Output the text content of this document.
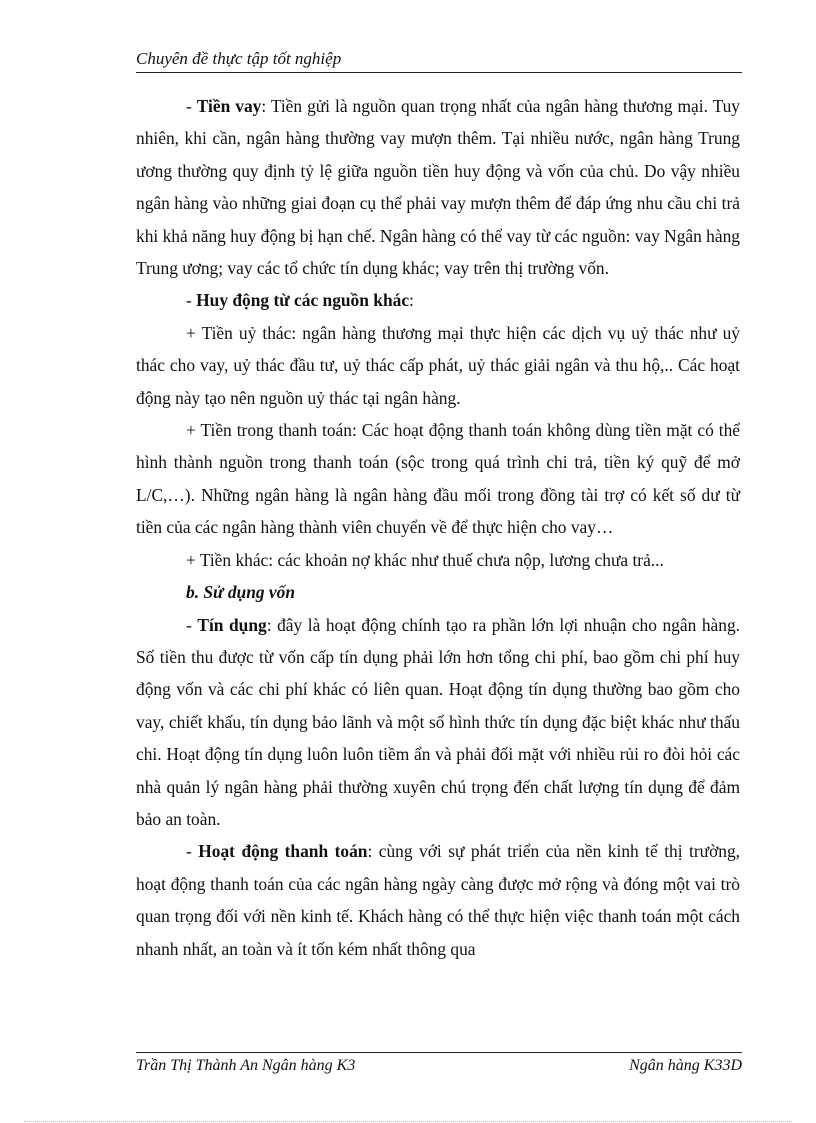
Chuyên đề thực tập tốt nghiệp

- Tiền vay: Tiền gửi là nguồn quan trọng nhất của ngân hàng thương mại. Tuy nhiên, khi cần, ngân hàng thường vay mượn thêm. Tại nhiều nước, ngân hàng Trung ương thường quy định tỷ lệ giữa nguồn tiền huy động và vốn của chủ. Do vậy nhiều ngân hàng vào những giai đoạn cụ thể phải vay mượn thêm để đáp ứng nhu cầu chi trả khi khả năng huy động bị hạn chế. Ngân hàng có thể vay từ các nguồn: vay Ngân hàng Trung ương; vay các tổ chức tín dụng khác; vay trên thị trường vốn.

- Huy động từ các nguồn khác:

+ Tiền uỷ thác: ngân hàng thương mại thực hiện các dịch vụ uỷ thác như uỷ thác cho vay, uỷ thác đầu tư, uỷ thác cấp phát, uỷ thác giải ngân và thu hộ,.. Các hoạt động này tạo nên nguồn uỷ thác tại ngân hàng.

+ Tiền trong thanh toán: Các hoạt động thanh toán không dùng tiền mặt có thể hình thành nguồn trong thanh toán (sộc trong quá trình chi trả, tiền ký quỹ để mở L/C,…). Những ngân hàng là ngân hàng đầu mối trong đồng tài trợ có kết số dư từ tiền của các ngân hàng thành viên chuyển về để thực hiện cho vay…

+ Tiền khác: các khoản nợ khác như thuế chưa nộp, lương chưa trả...

b. Sử dụng vốn

- Tín dụng: đây là hoạt động chính tạo ra phần lớn lợi nhuận cho ngân hàng. Số tiền thu được từ vốn cấp tín dụng phải lớn hơn tổng chi phí, bao gồm chi phí huy động vốn và các chi phí khác có liên quan. Hoạt động tín dụng thường bao gồm cho vay, chiết khấu, tín dụng bảo lãnh và một số hình thức tín dụng đặc biệt khác như thấu chi. Hoạt động tín dụng luôn luôn tiềm ẩn và phải đối mặt với nhiều rủi ro đòi hỏi các nhà quản lý ngân hàng phải thường xuyên chú trọng đến chất lượng tín dụng để đảm bảo an toàn.

- Hoạt động thanh toán: cùng với sự phát triển của nền kinh tế thị trường, hoạt động thanh toán của các ngân hàng ngày càng được mở rộng và đóng một vai trò quan trọng đối với nền kinh tế. Khách hàng có thể thực hiện việc thanh toán một cách nhanh nhất, an toàn và ít tốn kém nhất thông qua

Trần Thị Thành An Ngân hàng K3	Ngân hàng K33D
